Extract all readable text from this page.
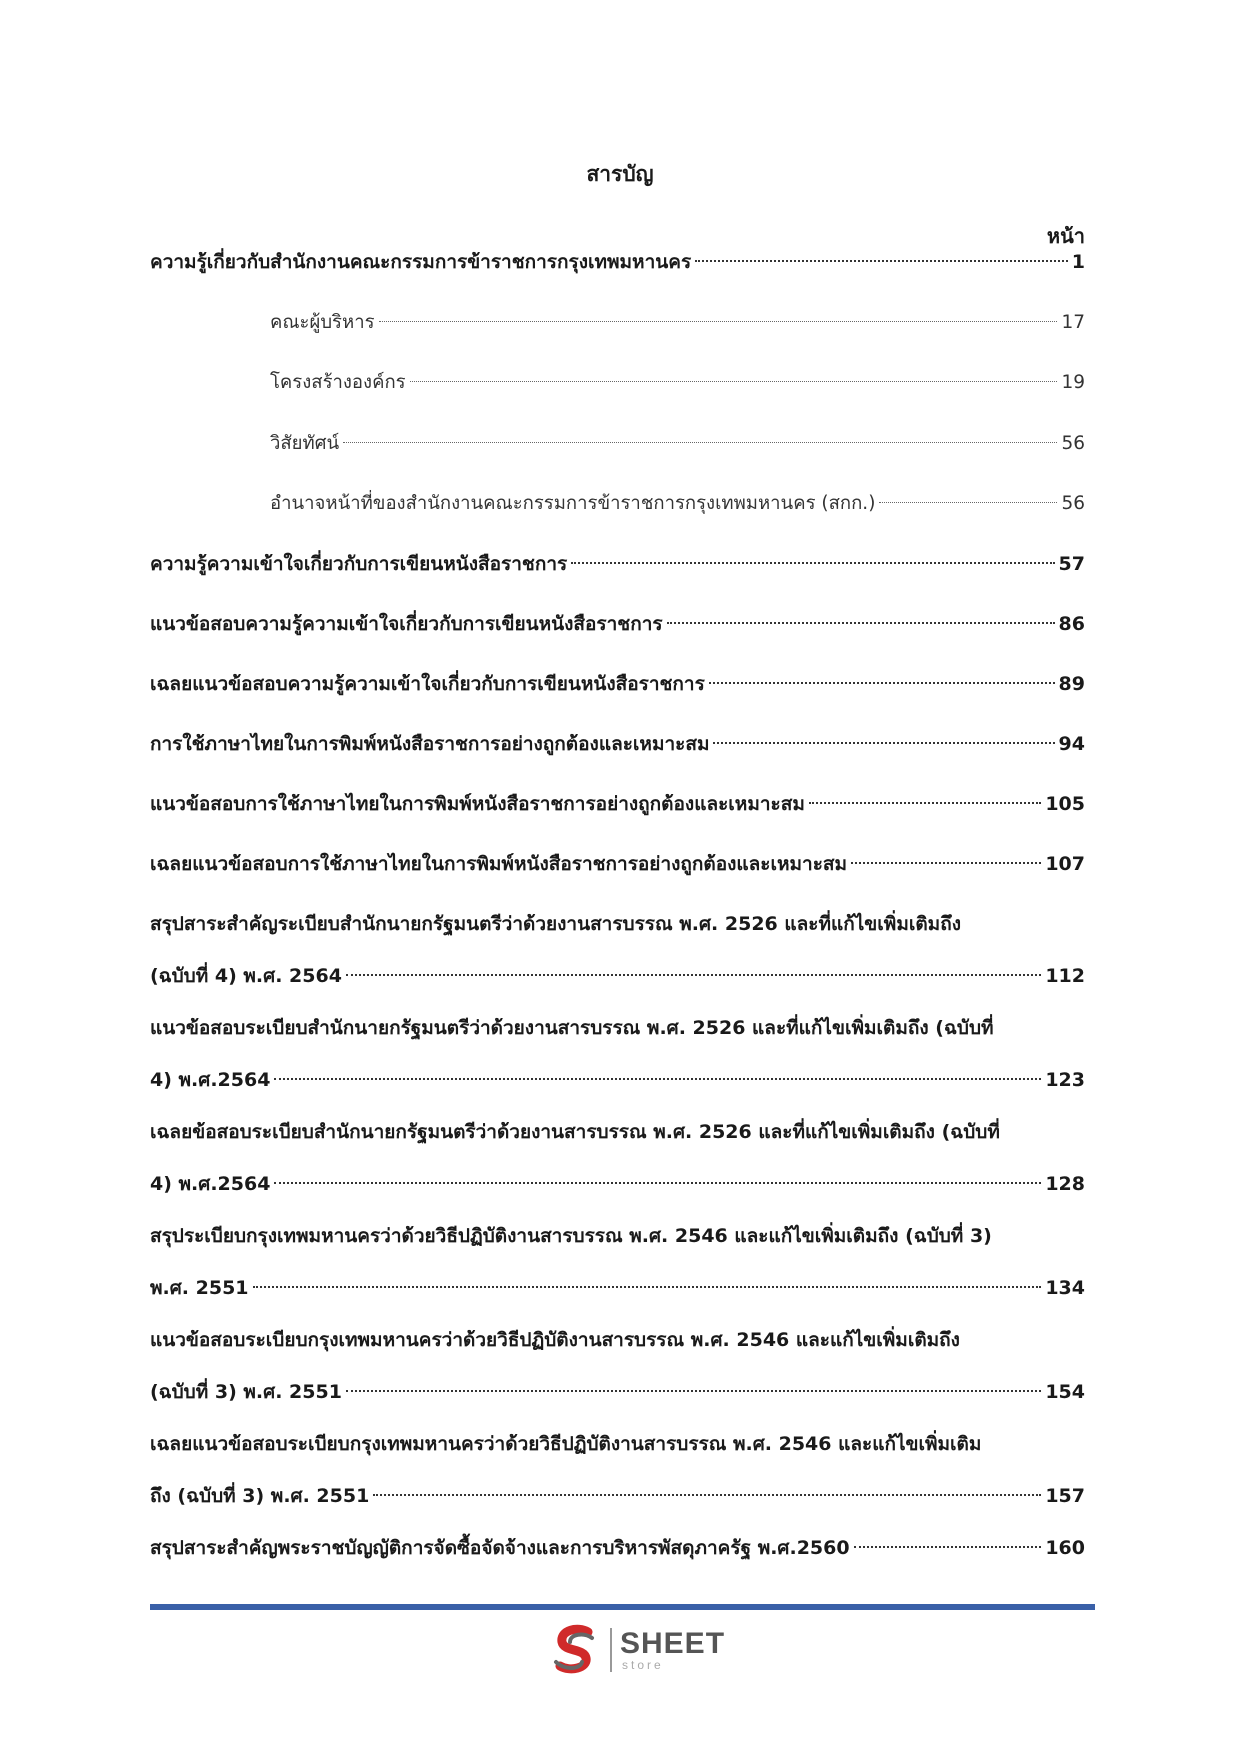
สารบัญ
หน้า
ความรู้เกี่ยวกับสำนักงานคณะกรรมการข้าราชการกรุงเทพมหานคร	1
คณะผู้บริหาร	17
โครงสร้างองค์กร	19
วิสัยทัศน์	56
อำนาจหน้าที่ของสำนักงานคณะกรรมการข้าราชการกรุงเทพมหานคร (สกก.)	56
ความรู้ความเข้าใจเกี่ยวกับการเขียนหนังสือราชการ	57
แนวข้อสอบความรู้ความเข้าใจเกี่ยวกับการเขียนหนังสือราชการ	86
เฉลยแนวข้อสอบความรู้ความเข้าใจเกี่ยวกับการเขียนหนังสือราชการ	89
การใช้ภาษาไทยในการพิมพ์หนังสือราชการอย่างถูกต้องและเหมาะสม	94
แนวข้อสอบการใช้ภาษาไทยในการพิมพ์หนังสือราชการอย่างถูกต้องและเหมาะสม	105
เฉลยแนวข้อสอบการใช้ภาษาไทยในการพิมพ์หนังสือราชการอย่างถูกต้องและเหมาะสม	107
สรุปสาระสำคัญระเบียบสำนักนายกรัฐมนตรีว่าด้วยงานสารบรรณ พ.ศ. 2526 และที่แก้ไขเพิ่มเติมถึง
(ฉบับที่ 4) พ.ศ. 2564	112
แนวข้อสอบระเบียบสำนักนายกรัฐมนตรีว่าด้วยงานสารบรรณ พ.ศ. 2526 และที่แก้ไขเพิ่มเติมถึง (ฉบับที่
4) พ.ศ.2564	123
เฉลยข้อสอบระเบียบสำนักนายกรัฐมนตรีว่าด้วยงานสารบรรณ พ.ศ. 2526 และที่แก้ไขเพิ่มเติมถึง (ฉบับที่
4) พ.ศ.2564	128
สรุประเบียบกรุงเทพมหานครว่าด้วยวิธีปฏิบัติงานสารบรรณ พ.ศ. 2546 และแก้ไขเพิ่มเติมถึง (ฉบับที่ 3)
พ.ศ. 2551	134
แนวข้อสอบระเบียบกรุงเทพมหานครว่าด้วยวิธีปฏิบัติงานสารบรรณ พ.ศ. 2546 และแก้ไขเพิ่มเติมถึง
(ฉบับที่ 3) พ.ศ. 2551	154
เฉลยแนวข้อสอบระเบียบกรุงเทพมหานครว่าด้วยวิธีปฏิบัติงานสารบรรณ พ.ศ. 2546 และแก้ไขเพิ่มเติม
ถึง (ฉบับที่ 3) พ.ศ. 2551	157
สรุปสาระสำคัญพระราชบัญญัติการจัดซื้อจัดจ้างและการบริหารพัสดุภาครัฐ พ.ศ.2560	160
SHEET
store
